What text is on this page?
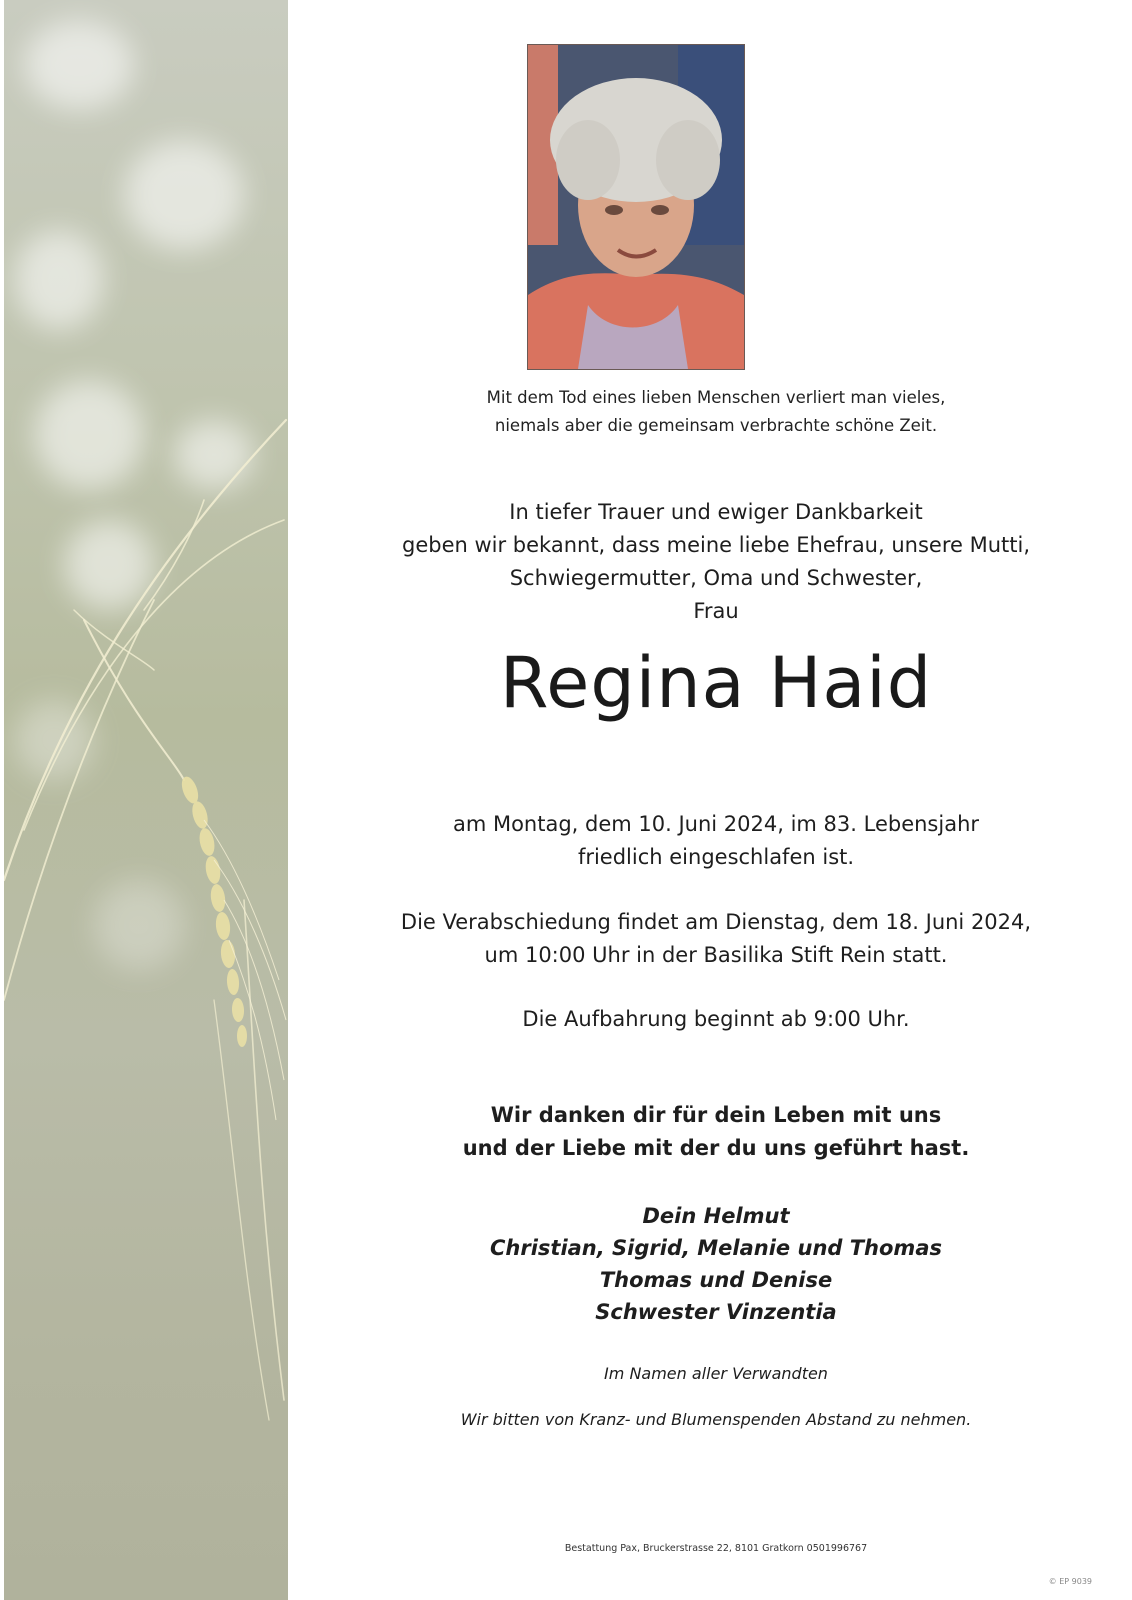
Mit dem Tod eines lieben Menschen verliert man vieles,
niemals aber die gemeinsam verbrachte schöne Zeit.
In tiefer Trauer und ewiger Dankbarkeit
geben wir bekannt, dass meine liebe Ehefrau, unsere Mutti,
Schwiegermutter, Oma und Schwester,
Frau
Regina Haid
am Montag, dem 10. Juni 2024, im 83. Lebensjahr
friedlich eingeschlafen ist.
Die Verabschiedung findet am Dienstag, dem 18. Juni 2024,
um 10:00 Uhr in der Basilika Stift Rein statt.
Die Aufbahrung beginnt ab 9:00 Uhr.
Wir danken dir für dein Leben mit uns
und der Liebe mit der du uns geführt hast.
Dein Helmut
Christian, Sigrid, Melanie und Thomas
Thomas und Denise
Schwester Vinzentia
Im Namen aller Verwandten
Wir bitten von Kranz- und Blumenspenden Abstand zu nehmen.
Bestattung Pax, Bruckerstrasse 22, 8101 Gratkorn 0501996767
© EP 9039
